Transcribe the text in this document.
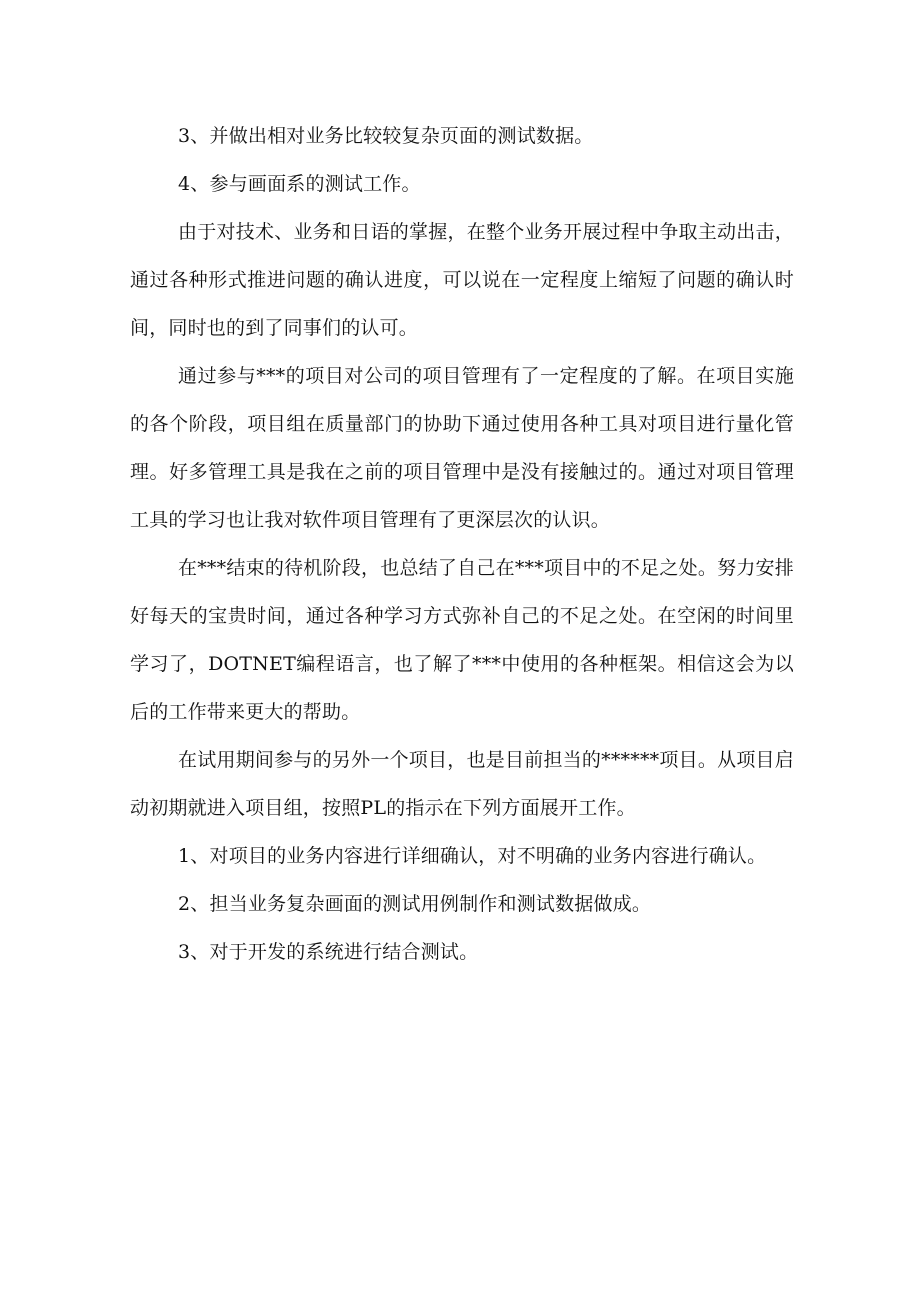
3、并做出相对业务比较较复杂页面的测试数据。

4、参与画面系的测试工作。

由于对技术、业务和日语的掌握，在整个业务开展过程中争取主动出击，通过各种形式推进问题的确认进度，可以说在一定程度上缩短了问题的确认时间，同时也的到了同事们的认可。

通过参与***的项目对公司的项目管理有了一定程度的了解。在项目实施的各个阶段，项目组在质量部门的协助下通过使用各种工具对项目进行量化管理。好多管理工具是我在之前的项目管理中是没有接触过的。通过对项目管理工具的学习也让我对软件项目管理有了更深层次的认识。

在***结束的待机阶段，也总结了自己在***项目中的不足之处。努力安排好每天的宝贵时间，通过各种学习方式弥补自己的不足之处。在空闲的时间里学习了，DOTNET编程语言，也了解了***中使用的各种框架。相信这会为以后的工作带来更大的帮助。

在试用期间参与的另外一个项目，也是目前担当的******项目。从项目启动初期就进入项目组，按照PL的指示在下列方面展开工作。

1、对项目的业务内容进行详细确认，对不明确的业务内容进行确认。

2、担当业务复杂画面的测试用例制作和测试数据做成。

3、对于开发的系统进行结合测试。
